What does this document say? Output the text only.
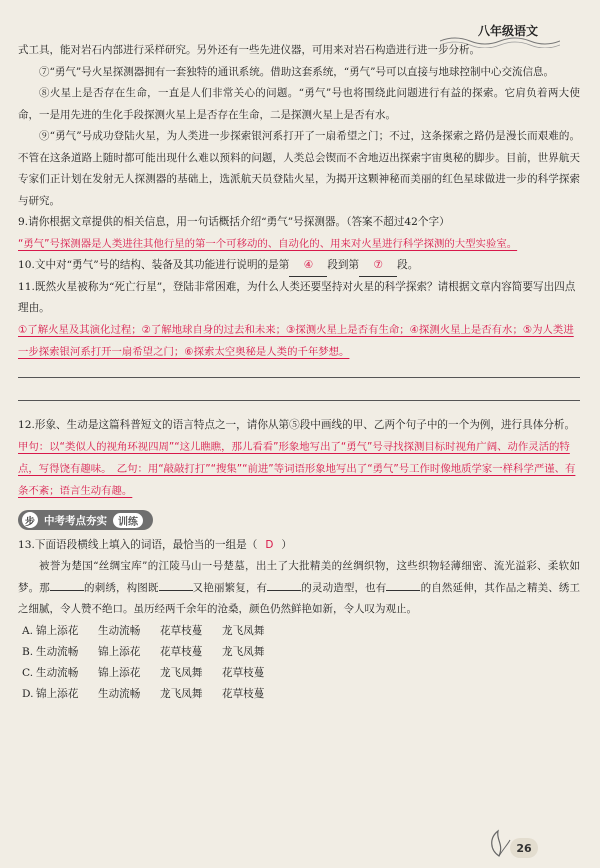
八年级语文

式工具，能对岩石内部进行采样研究。另外还有一些先进仪器，可用来对岩石构造进行进一步分析。

⑦“勇气”号火星探测器拥有一套独特的通讯系统。借助这套系统，“勇气”号可以直接与地球控制中心交流信息。

⑧火星上是否存在生命，一直是人们非常关心的问题。“勇气”号也将围绕此问题进行有益的探索。它肩负着两大使命，一是用先进的生化手段探测火星上是否存在生命，二是探测火星上是否有水。

⑨“勇气”号成功登陆火星，为人类进一步探索银河系打开了一扇希望之门；不过，这条探索之路仍是漫长而艰难的。不管在这条道路上随时都可能出现什么难以预料的问题，人类总会锲而不舍地迈出探索宇宙奥秘的脚步。目前，世界航天专家们正计划在发射无人探测器的基础上，选派航天员登陆火星，为揭开这颗神秘而美丽的红色星球做进一步的科学探索与研究。

9.请你根据文章提供的相关信息，用一句话概括介绍“勇气”号探测器。（答案不超过42个字）

“勇气”号探测器是人类进往其他行星的第一个可移动的、自动化的、用来对火星进行科学探测的大型实验室。

10.文中对“勇气”号的结构、装备及其功能进行说明的是第 ④ 段到第 ⑦ 段。

11.既然火星被称为“死亡行星”，登陆非常困难，为什么人类还要坚持对火星的科学探索？请根据文章内容简要写出四点理由。

①了解火星及其演化过程；②了解地球自身的过去和未来；③探测火星上是否有生命；④探测火星上是否有水；⑤为人类进一步探索银河系打开一扇希望之门；⑥探索太空奥秘是人类的千年梦想。

12.形象、生动是这篇科普短文的语言特点之一，请你从第⑤段中画线的甲、乙两个句子中的一个为例，进行具体分析。

甲句：以“类似人的视角环视四周”“这儿瞧瞧，那儿看看”形象地写出了“勇气”号寻找探测目标时视角广阔、动作灵活的特点，写得饶有趣味。　乙句：用“敲敲打打”“搜集”“前进”等词语形象地写出了“勇气”号工作时像地质学家一样科学严谨、有条不紊；语言生动有趣。

步 中考考点夯实	训练

13.下面语段横线上填入的词语，最恰当的一组是（ D ）

被誉为楚国“丝绸宝库”的江陵马山一号楚墓，出土了大批精美的丝绸织物，这些织物轻薄细密、流光溢彩、柔软如梦。那	的刺绣，构图既	又艳丽繁复，有	的灵动造型，也有	的自然延伸，其作品之精美、绣工之细腻，令人赞不绝口。虽历经两千余年的沧桑，颜色仍然鲜艳如新，令人叹为观止。

A. 锦上添花 生动流畅 花草枝蔓 龙飞凤舞
B. 生动流畅 锦上添花 花草枝蔓 龙飞凤舞
C. 生动流畅 锦上添花 龙飞凤舞 花草枝蔓
D. 锦上添花 生动流畅 龙飞凤舞 花草枝蔓
26
